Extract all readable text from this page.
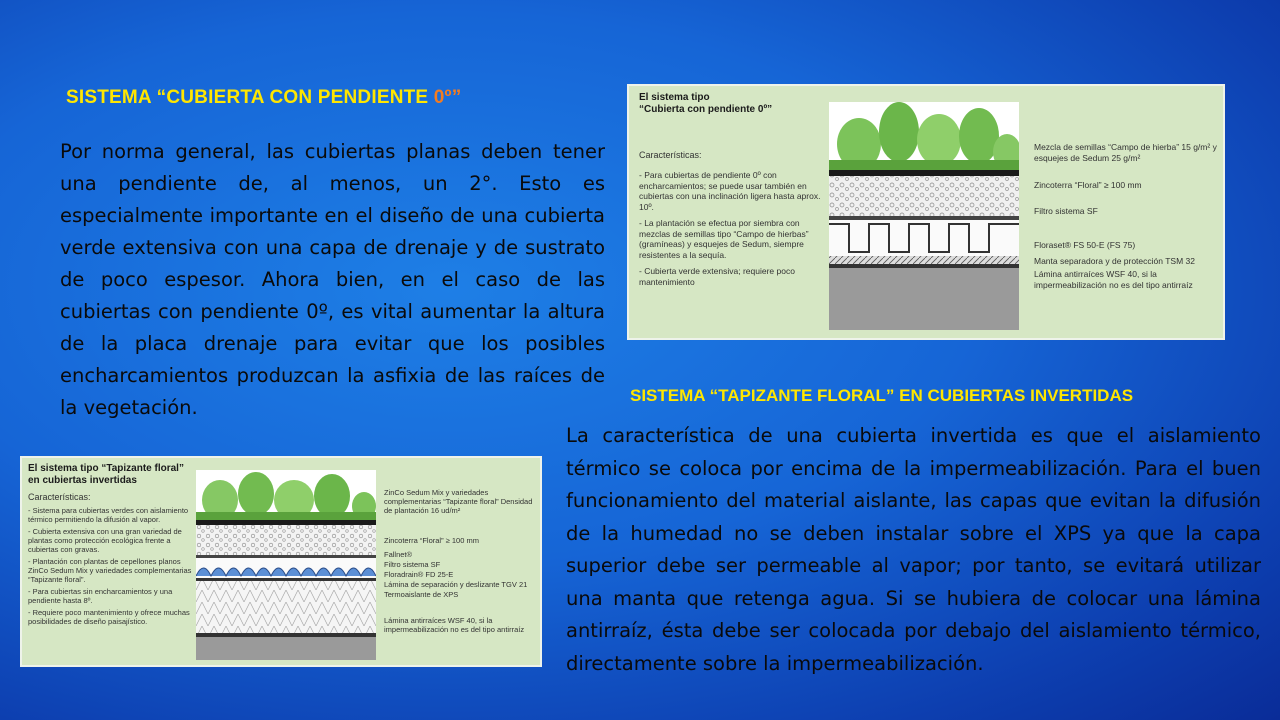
SISTEMA “CUBIERTA CON PENDIENTE 0º”
Por norma general, las cubiertas planas deben tener una pendiente de, al menos, un 2°. Esto es especialmente importante en el diseño de una cubierta verde extensiva con una capa de drenaje y de sustrato de poco espesor. Ahora bien, en el caso de las cubiertas con pendiente 0º, es vital aumentar la altura de la placa drenaje para evitar que los posibles encharcamientos produzcan la asfixia de las raíces de la vegetación.
El sistema tipo
“Cubierta con pendiente 0º”
Características:
- Para cubiertas de pendiente 0º con encharcamientos; se puede usar también en cubiertas con una inclinación ligera hasta aprox. 10º.
- La plantación se efectua por siembra con mezclas de semillas tipo “Campo de hierbas” (gramíneas) y esquejes de Sedum, siempre resistentes a la sequía.
- Cubierta verde extensiva; requiere poco mantenimiento
Mezcla de semillas “Campo de hierba” 15 g/m² y esquejes de Sedum 25 g/m²
Zincoterra “Floral” ≥ 100 mm
Filtro sistema SF
Floraset® FS 50-E (FS 75)
Manta separadora y de protección TSM 32
Lámina antirraíces WSF 40, si la impermeabilización no es del tipo antirraíz
SISTEMA “TAPIZANTE FLORAL” EN CUBIERTAS INVERTIDAS
La característica de una cubierta invertida es que el aislamiento térmico se coloca por encima de la impermeabilización. Para el buen funcionamiento del material aislante, las capas que evitan la difusión de la humedad no se deben instalar sobre el XPS ya que la capa superior debe ser permeable al vapor; por tanto, se evitará utilizar una manta que retenga agua. Si se hubiera de colocar una lámina antirraíz, ésta debe ser colocada por debajo del aislamiento térmico, directamente sobre la impermeabilización.
El sistema tipo “Tapizante floral”
en cubiertas invertidas
Características:
- Sistema para cubiertas verdes con aislamiento térmico permitiendo la difusión al vapor.
- Cubierta extensiva con una gran variedad de plantas como protección ecológica frente a cubiertas con gravas.
- Plantación con plantas de cepellones planos ZinCo Sedum Mix y variedades complementarias “Tapizante floral”.
- Para cubiertas sin encharcamientos y una pendiente hasta 8º.
- Requiere poco mantenimiento y ofrece muchas posibilidades de diseño paisajístico.
ZinCo Sedum Mix y variedades complementarias “Tapizante floral” Densidad de plantación 16 ud/m²
Zincoterra “Floral” ≥ 100 mm
Fallnet®
Filtro sistema SF
Floradrain® FD 25-E
Lámina de separación y deslizante TGV 21
Termoaislante de XPS
Lámina antirraíces WSF 40, si la impermeabilización no es del tipo antirraíz
